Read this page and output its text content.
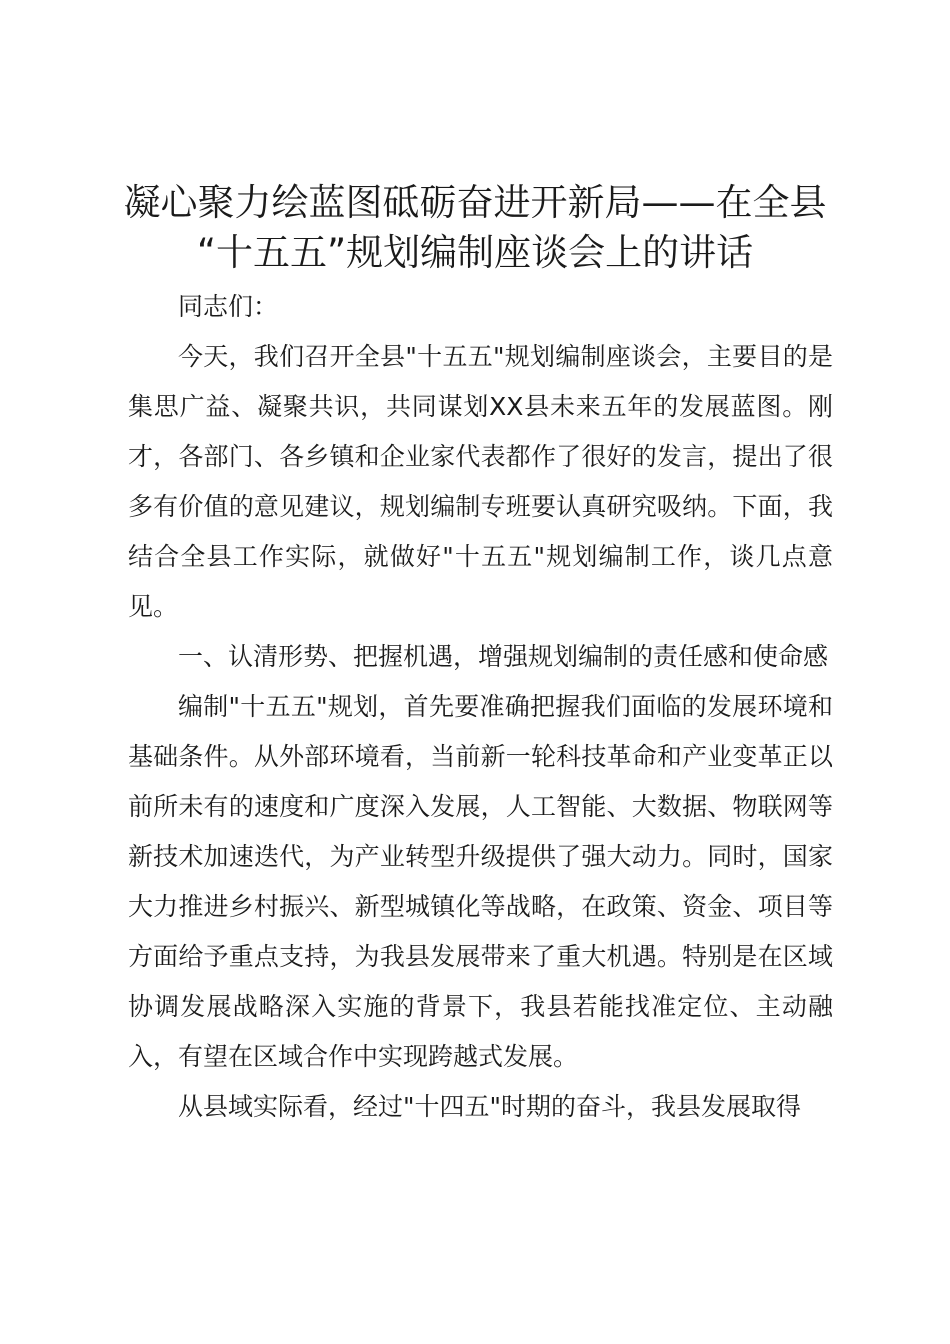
凝心聚力绘蓝图砥砺奋进开新局——在全县

“十五五”规划编制座谈会上的讲话

同志们：

今天，我们召开全县"十五五"规划编制座谈会，主要目的是集思广益、凝聚共识，共同谋划XX县未来五年的发展蓝图。刚才，各部门、各乡镇和企业家代表都作了很好的发言，提出了很多有价值的意见建议，规划编制专班要认真研究吸纳。下面，我结合全县工作实际，就做好"十五五"规划编制工作，谈几点意见。

一、认清形势、把握机遇，增强规划编制的责任感和使命感

编制"十五五"规划，首先要准确把握我们面临的发展环境和基础条件。从外部环境看，当前新一轮科技革命和产业变革正以前所未有的速度和广度深入发展，人工智能、大数据、物联网等新技术加速迭代，为产业转型升级提供了强大动力。同时，国家大力推进乡村振兴、新型城镇化等战略，在政策、资金、项目等方面给予重点支持，为我县发展带来了重大机遇。特别是在区域协调发展战略深入实施的背景下，我县若能找准定位、主动融入，有望在区域合作中实现跨越式发展。

从县域实际看，经过"十四五"时期的奋斗，我县发展取得
